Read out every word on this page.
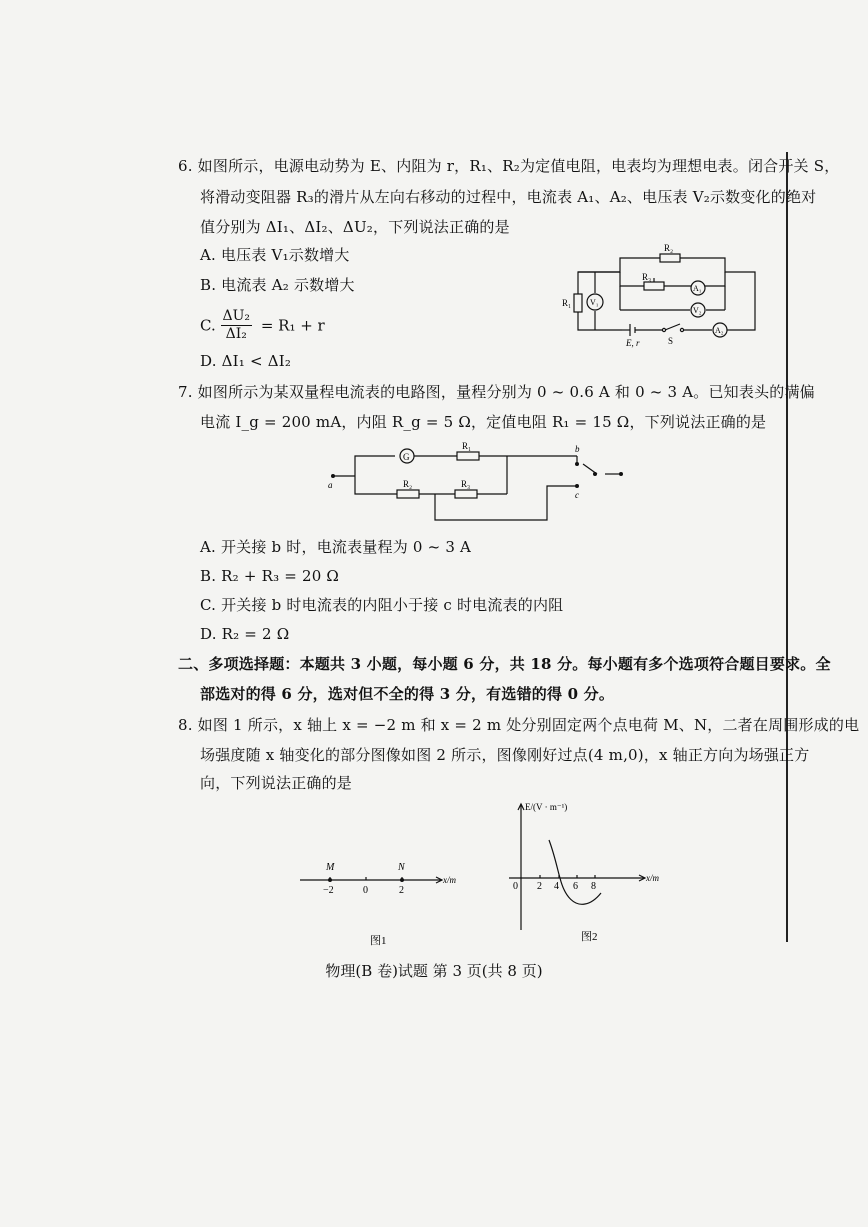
6. 如图所示，电源电动势为 E、内阻为 r，R₁、R₂为定值电阻，电表均为理想电表。闭合开关 S，
将滑动变阻器 R₃的滑片从左向右移动的过程中，电流表 A₁、A₂、电压表 V₂示数变化的绝对
值分别为 ΔI₁、ΔI₂、ΔU₂，下列说法正确的是
A. 电压表 V₁示数增大
B. 电流表 A₂ 示数增大
C. $\frac{\text{ΔU₂}}{\text{ΔI₂}} = R_1 + r$
D. ΔI₁ < ΔI₂
R₂
R₃
R₁ V₁
A₁
V₂
A₂
E, r	S
7. 如图所示为某双量程电流表的电路图，量程分别为 0 ~ 0.6 A 和 0 ~ 3 A。已知表头的满偏
电流 I_g = 200 mA，内阻 R_g = 5 Ω，定值电阻 R₁ = 15 Ω，下列说法正确的是
G
R₁
R₂	R₃
a
b
c
A. 开关接 b 时，电流表量程为 0 ~ 3 A
B. R₂ + R₃ = 20 Ω
C. 开关接 b 时电流表的内阻小于接 c 时电流表的内阻
D. R₂ = 2 Ω
二、多项选择题：本题共 3 小题，每小题 6 分，共 18 分。每小题有多个选项符合题目要求。全
部选对的得 6 分，选对但不全的得 3 分，有选错的得 0 分。
8. 如图 1 所示，x 轴上 x = −2 m 和 x = 2 m 处分别固定两个点电荷 M、N，二者在周围形成的电
场强度随 x 轴变化的部分图像如图 2 所示，图像刚好过点(4 m,0)，x 轴正方向为场强正方
向，下列说法正确的是
M	N
−2	0	2
x/m
图1
E/(V · m⁻¹)
0 2 4 6 8
x/m
图2
物理(B 卷)试题 第 3 页(共 8 页)
